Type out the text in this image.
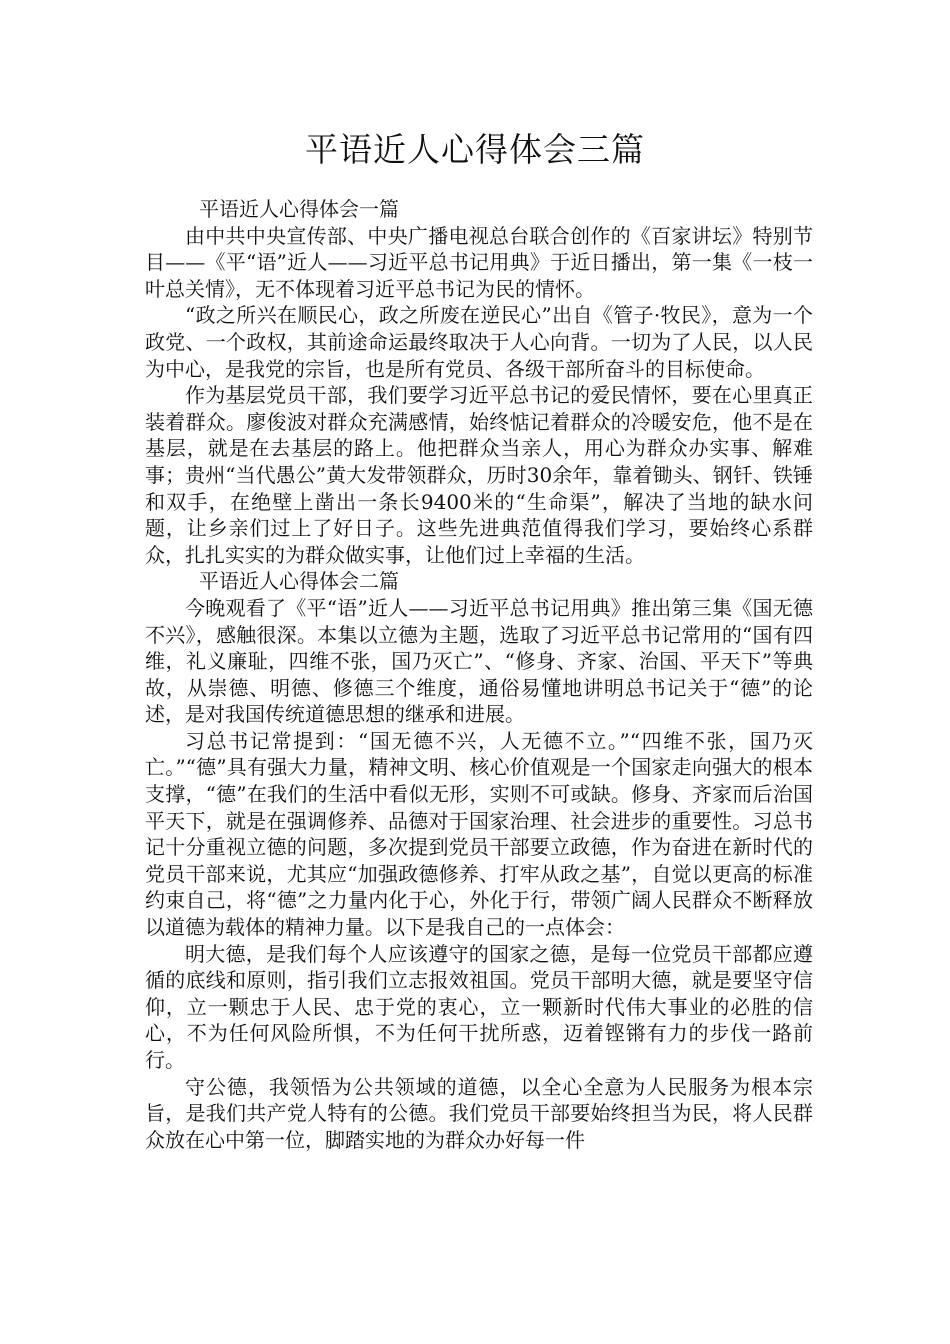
平语近人心得体会三篇

平语近人心得体会一篇

由中共中央宣传部、中央广播电视总台联合创作的《百家讲坛》特别节目——《平“语”近人——习近平总书记用典》于近日播出，第一集《一枝一叶总关情》，无不体现着习近平总书记为民的情怀。

“政之所兴在顺民心，政之所废在逆民心”出自《管子·牧民》，意为一个政党、一个政权，其前途命运最终取决于人心向背。一切为了人民，以人民为中心，是我党的宗旨，也是所有党员、各级干部所奋斗的目标使命。

作为基层党员干部，我们要学习近平总书记的爱民情怀，要在心里真正装着群众。廖俊波对群众充满感情，始终惦记着群众的冷暖安危，他不是在基层，就是在去基层的路上。他把群众当亲人，用心为群众办实事、解难事；贵州“当代愚公”黄大发带领群众，历时30余年，靠着锄头、钢钎、铁锤和双手，在绝壁上凿出一条长9400米的“生命渠”，解决了当地的缺水问题，让乡亲们过上了好日子。这些先进典范值得我们学习，要始终心系群众，扎扎实实的为群众做实事，让他们过上幸福的生活。

平语近人心得体会二篇

今晚观看了《平“语”近人——习近平总书记用典》推出第三集《国无德不兴》，感触很深。本集以立德为主题，选取了习近平总书记常用的“国有四维，礼义廉耻，四维不张，国乃灭亡”、“修身、齐家、治国、平天下”等典故，从崇德、明德、修德三个维度，通俗易懂地讲明总书记关于“德”的论述，是对我国传统道德思想的继承和进展。

习总书记常提到：“国无德不兴，人无德不立。”“四维不张，国乃灭亡。”“德”具有强大力量，精神文明、核心价值观是一个国家走向强大的根本支撑，“德”在我们的生活中看似无形，实则不可或缺。修身、齐家而后治国平天下，就是在强调修养、品德对于国家治理、社会进步的重要性。习总书记十分重视立德的问题，多次提到党员干部要立政德，作为奋进在新时代的党员干部来说，尤其应“加强政德修养、打牢从政之基”，自觉以更高的标准约束自己，将“德”之力量内化于心，外化于行，带领广阔人民群众不断释放以道德为载体的精神力量。以下是我自己的一点体会：

明大德，是我们每个人应该遵守的国家之德，是每一位党员干部都应遵循的底线和原则，指引我们立志报效祖国。党员干部明大德，就是要坚守信仰，立一颗忠于人民、忠于党的衷心，立一颗新时代伟大事业的必胜的信心，不为任何风险所惧，不为任何干扰所惑，迈着铿锵有力的步伐一路前行。

守公德，我领悟为公共领域的道德，以全心全意为人民服务为根本宗旨，是我们共产党人特有的公德。我们党员干部要始终担当为民，将人民群众放在心中第一位，脚踏实地的为群众办好每一件
